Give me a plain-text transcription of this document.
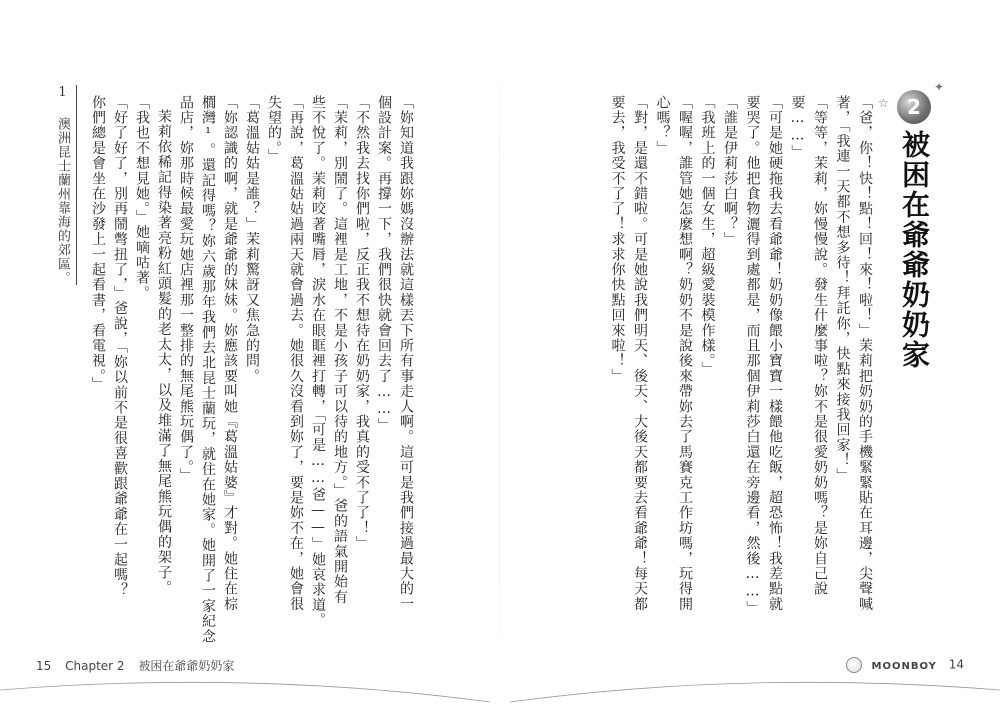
2
被困在爺爺奶奶家
☆
✦
「爸，你！快！點！回！來！啦！」茉莉把奶奶的手機緊緊貼在耳邊，尖聲喊
著，「我連一天都不想多待！拜託你，快點來接我回家！」
「等等，茉莉，妳慢慢說。發生什麼事啦？妳不是很愛奶奶嗎？是妳自己說
要……」
「可是她硬拖我去看爺爺！奶奶像餵小寶寶一樣餵他吃飯，超恐怖！我差點就
要哭了。他把食物灑得到處都是，而且那個伊莉莎白還在旁邊看，然後……」
「誰是伊莉莎白啊？」
「我班上的一個女生，超級愛裝模作樣。」
「喔喔，誰管她怎麼想啊？奶奶不是說後來帶妳去了馬賽克工作坊嗎，玩得開
心嗎？」
「對，是還不錯啦。可是她說我們明天、後天、大後天都要去看爺爺！每天都
要去，我受不了了！求求你快點回來啦！」
「妳知道我跟妳媽沒辦法就這樣丟下所有事走人啊。這可是我們接過最大的一
個設計案。再撐一下，我們很快就會回去了……」
「不然我去找你們啦，反正我不想待在奶奶家，我真的受不了了！」
「茉莉，別鬧了。這裡是工地，不是小孩子可以待的地方。」爸的語氣開始有
些不悅了。茉莉咬著嘴脣，淚水在眼眶裡打轉，「可是……爸——」她哀求道。
「再說，葛溫姑姑過兩天就會過去。她很久沒看到妳了，要是妳不在，她會很
失望的。」
「葛溫姑姑是誰？」茉莉驚訝又焦急的問。
「妳認識的啊，就是爺爺的妹妹。妳應該要叫她『葛溫姑婆』才對。她住在棕
櫚灣¹。還記得嗎？妳六歲那年我們去北昆士蘭玩，就住在她家。她開了一家紀念
品店，妳那時候最愛玩她店裡那一整排的無尾熊玩偶了。」
茉莉依稀記得染著亮粉紅頭髮的老太太，以及堆滿了無尾熊玩偶的架子。
「我也不想見她。」她嘀咕著。
「好了好了，別再鬧彆扭了，」爸說，「妳以前不是很喜歡跟爺爺在一起嗎？
你們總是會坐在沙發上一起看書，看電視。」
1 澳洲昆士蘭州靠海的郊區。
15 Chapter 2 被困在爺爺奶奶家	MOONBOY 14
